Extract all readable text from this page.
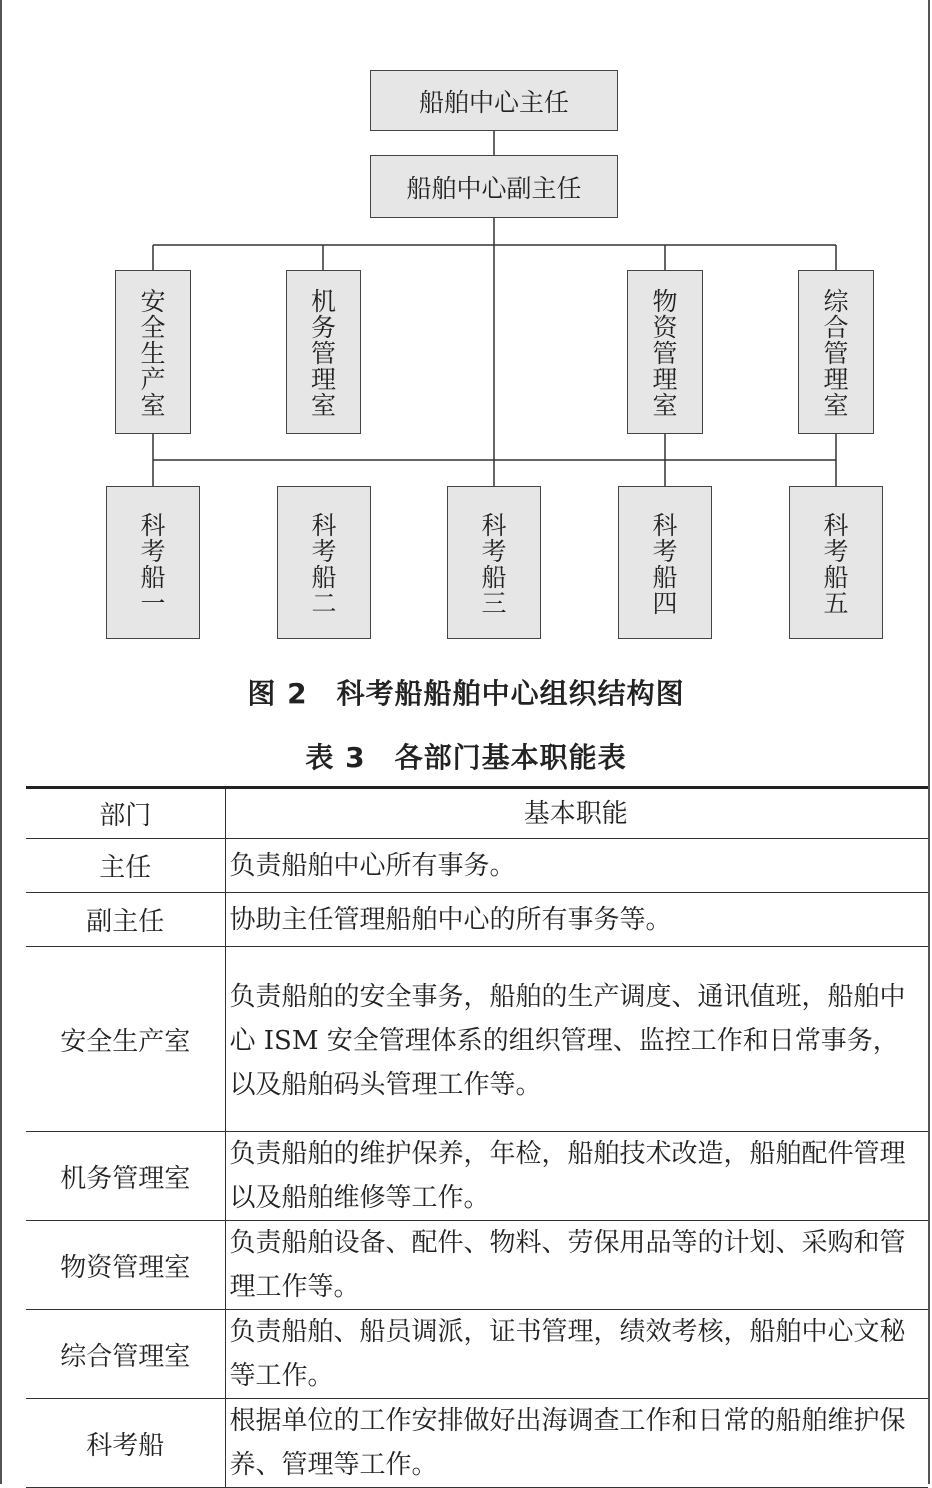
船舶中心主任
船舶中心副主任
安
全
生
产
室
机
务
管
理
室
物
资
管
理
室
综
合
管
理
室
科
考
船
一
科
考
船
二
科
考
船
三
科
考
船
四
科
考
船
五
图 2　科考船船舶中心组织结构图
表 3　各部门基本职能表
部门	基本职能
主任	负责船舶中心所有事务。
副主任	协助主任管理船舶中心的所有事务等。
安全生产室	负责船舶的安全事务，船舶的生产调度、通讯值班，船舶中心 ISM 安全管理体系的组织管理、监控工作和日常事务，以及船舶码头管理工作等。
机务管理室	负责船舶的维护保养，年检，船舶技术改造，船舶配件管理以及船舶维修等工作。
物资管理室	负责船舶设备、配件、物料、劳保用品等的计划、采购和管理工作等。
综合管理室	负责船舶、船员调派，证书管理，绩效考核，船舶中心文秘等工作。
科考船	根据单位的工作安排做好出海调查工作和日常的船舶维护保养、管理等工作。
